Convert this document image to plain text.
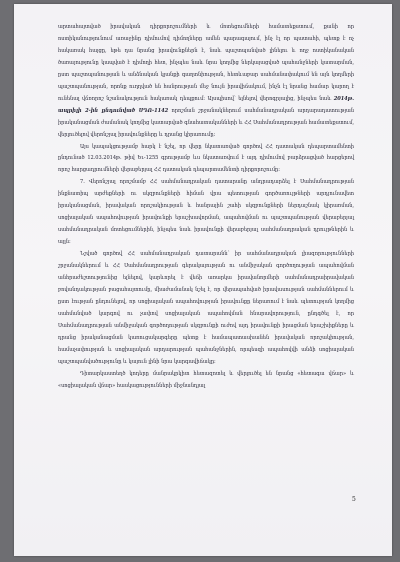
արտահայտված իրավական դիրքորոշումների և մոտեցումների համատեքստում, քանի որ ոստիկանությունում առաջինը դիմումով դիմողները ամեն պարագայում, ինչ էլ որ պատահի, պետք է ոչ հակառակ հայցը, եթե դա նրանց իրավունքներն է, նաև պաշտպանված լինելու և ողջ ոստիկանական ծառայությունը կապված է դիմողի հետ, ինչպես նաև նրա կողմից ներկայացված պահանջների կատարման, ըստ պաշտպանության և անձնական կյանքի գաղտնիության, հետևաբար սահմանափակում են այն կողմերի պաշտպանության, որոնք ուղղված են հանրության մեջ նույն իրավիճակում, ինչն էլ նրանց համար կարող է ունենալ վճռորոշ նշանակություն հակառակ դեպքում։ Այսպիսով՝ ելնելով վերոգրյալից, ինչպես նաև 2014թ. ապրիլի 2-ին ընդունված ՍԴՈ-1142 որոշման շրջանակներում սահմանադրական արդարադատության իրականացման ժամանակ կողմից կատարված գնահատականների և ՀՀ Սահմանադրության համատեքստում, վերլուծելով վերոնշյալ իրավունքները և դրանց կիրառումը։

Այս կապակցությամբ հարկ է նշել, որ վերը նկատառված գործով ՀՀ դատական դեպարտամենտի ընդունած 12.03.2014թ. թիվ Եւ-1255 գրությամբ ևս նկատառվում է այդ դիմումով բարձրացված հարցերով որոշ հարցադրումների վերաբերյալ ՀՀ դատական դեպարտամենտի դիրքորոշումը։

7. Վերոնշյալ որոշմամբ ՀՀ սահմանադրական դատարանը անդրադարձել է Սահմանադրության ինքնատիպ արժեքների ու սկզբունքների հիման վրա պետության գործառույթների արդյունավետ իրականացման, իրավական որոշակիության և հանրային շահի սկզբունքների ներդաշնակ կիրառման, սոցիալական ապահովության իրավունքի երաշխավորման, ապահովման ու պաշտպանության վերաբերյալ սահմանադրական մոտեցումներին, ինչպես նաև իրավունքի վերաբերյալ սահմանադրական դրույթներին և այլն։

Նշված գործով ՀՀ սահմանադրական դատարանն՝ իր սահմանադրական լիազորությունների շրջանակներում և ՀՀ Սահմանադրության գերակայության ու անմիջական գործողության ապահովման անհրաժեշտությունից ելնելով, կարևորել է վեճի առարկա իրավանորմերի սահմանադրաիրավական բովանդակության բացահայտումը, միաժամանակ նշել է, որ վերապահված իրավասության սահմաններում և ըստ էության ընդունելով, որ սոցիալական ապահովության իրավունքը ներառում է նաև պետության կողմից սահմանված կարգով ու չափով սոցիալական ապահովման հնարավորություն, ընդգծել է, որ Սահմանադրության անմիջական գործողության սկզբունքի ուժով այդ իրավունքի իրացման երաշխիքները և դրանց իրականացման կառուցակարգերը պետք է համապատասխանեն իրավական որոշակիության, համաչափության և սոցիալական արդարության պահանջներին, որպեսզի ապահովվի անձի սոցիալական պաշտպանվածությունը և կայուն լինի նրա կարգավիճակը։

Դիտարկաստեղծ կոդերը մանրակրկիտ հետազոտել և վերլուծել են նրանց «հետագա վճար» և «սոցիալական վճար» հասկացությունների միջնանդյալ

5
